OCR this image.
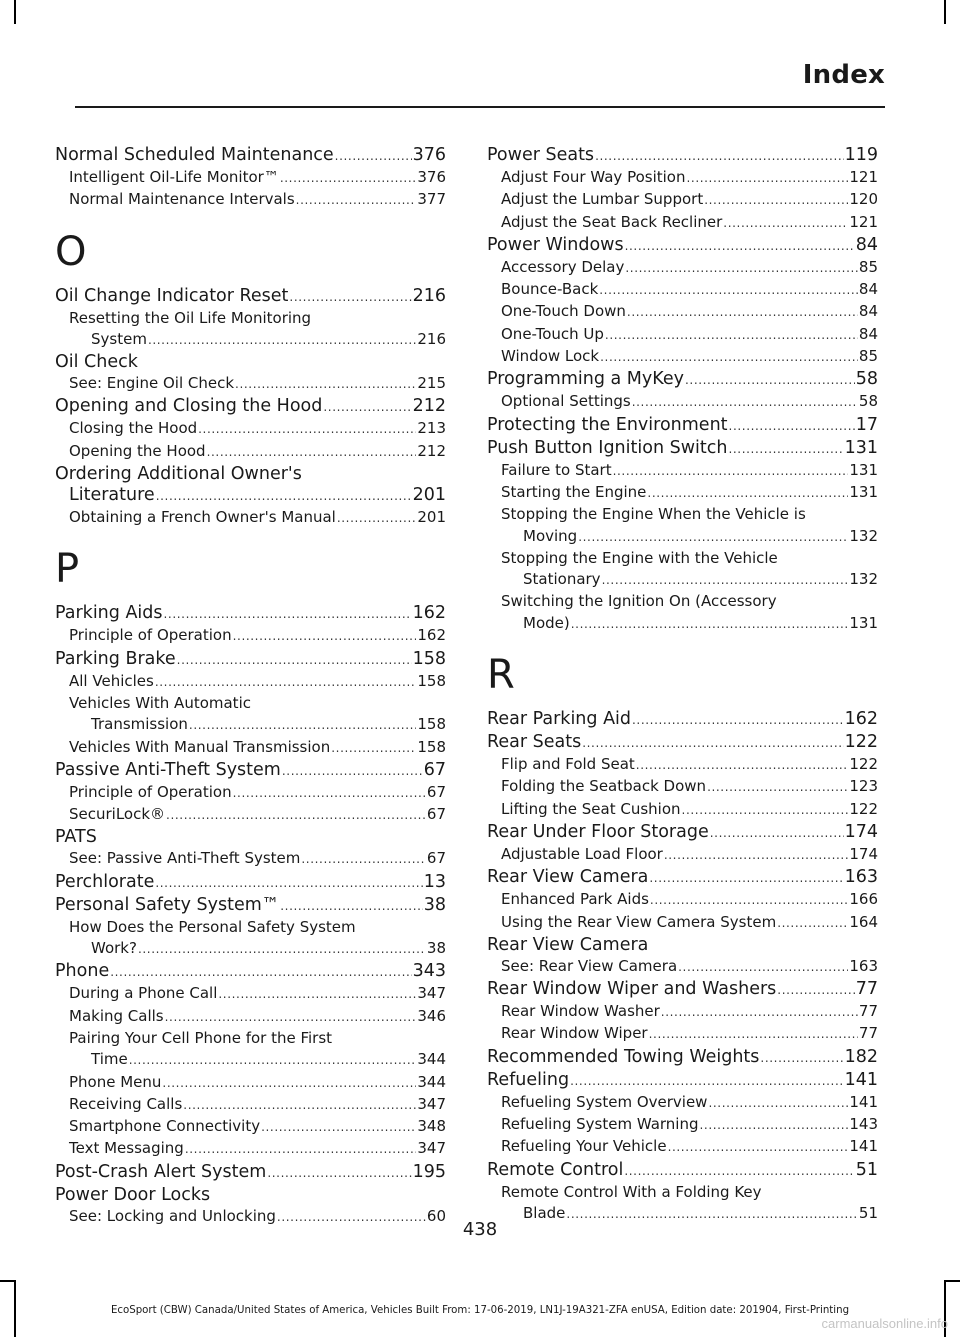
Index
Normal Scheduled Maintenance .....	376
Intelligent Oil-Life Monitor™ .....	376
Normal Maintenance Intervals .....	377
O
Oil Change Indicator Reset .....	216
Resetting the Oil Life Monitoring
System .....	216
Oil Check
See: Engine Oil Check .....	215
Opening and Closing the Hood .....	212
Closing the Hood .....	213
Opening the Hood .....	212
Ordering Additional Owner's
Literature .....	201
Obtaining a French Owner's Manual .....	201
P
Parking Aids .....	162
Principle of Operation .....	162
Parking Brake .....	158
All Vehicles .....	158
Vehicles With Automatic
Transmission .....	158
Vehicles With Manual Transmission .....	158
Passive Anti-Theft System .....	67
Principle of Operation .....	67
SecuriLock® .....	67
PATS
See: Passive Anti-Theft System .....	67
Perchlorate .....	13
Personal Safety System™ .....	38
How Does the Personal Safety System
Work? .....	38
Phone .....	343
During a Phone Call .....	347
Making Calls .....	346
Pairing Your Cell Phone for the First
Time .....	344
Phone Menu .....	344
Receiving Calls .....	347
Smartphone Connectivity .....	348
Text Messaging .....	347
Post-Crash Alert System .....	195
Power Door Locks
See: Locking and Unlocking .....	60
Power Seats .....	119
Adjust Four Way Position .....	121
Adjust the Lumbar Support .....	120
Adjust the Seat Back Recliner .....	121
Power Windows .....	84
Accessory Delay .....	85
Bounce-Back .....	84
One-Touch Down .....	84
One-Touch Up .....	84
Window Lock .....	85
Programming a MyKey .....	58
Optional Settings .....	58
Protecting the Environment .....	17
Push Button Ignition Switch .....	131
Failure to Start .....	131
Starting the Engine .....	131
Stopping the Engine When the Vehicle is
Moving .....	132
Stopping the Engine with the Vehicle
Stationary .....	132
Switching the Ignition On (Accessory
Mode) .....	131
R
Rear Parking Aid .....	162
Rear Seats .....	122
Flip and Fold Seat .....	122
Folding the Seatback Down .....	123
Lifting the Seat Cushion .....	122
Rear Under Floor Storage .....	174
Adjustable Load Floor .....	174
Rear View Camera .....	163
Enhanced Park Aids .....	166
Using the Rear View Camera System .....	164
Rear View Camera
See: Rear View Camera .....	163
Rear Window Wiper and Washers .....	77
Rear Window Washer .....	77
Rear Window Wiper .....	77
Recommended Towing Weights .....	182
Refueling .....	141
Refueling System Overview .....	141
Refueling System Warning .....	143
Refueling Your Vehicle .....	141
Remote Control .....	51
Remote Control With a Folding Key
Blade .....	51
438
EcoSport (CBW) Canada/United States of America, Vehicles Built From: 17-06-2019, LN1J-19A321-ZFA enUSA, Edition date: 201904, First-Printing
carmanualsonline.info
